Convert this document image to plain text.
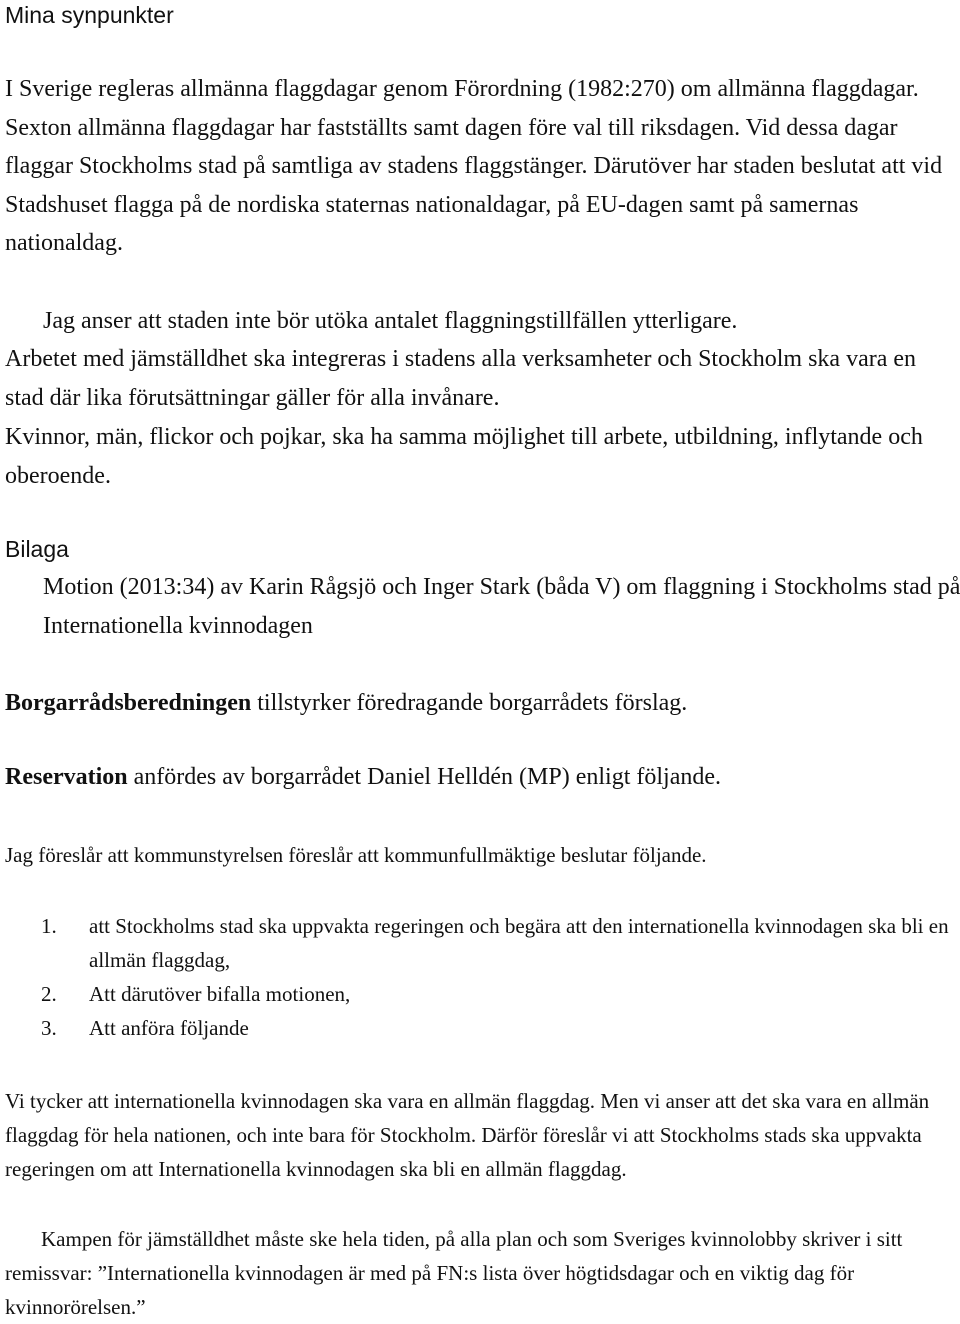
Mina synpunkter

I Sverige regleras allmänna flaggdagar genom Förordning (1982:270) om allmänna flaggdagar. Sexton allmänna flaggdagar har fastställts samt dagen före val till riksdagen. Vid dessa dagar flaggar Stockholms stad på samtliga av stadens flaggstänger. Därutöver har staden beslutat att vid Stadshuset flagga på de nordiska staternas nationaldagar, på EU-dagen samt på samernas nationaldag.

Jag anser att staden inte bör utöka antalet flaggningstillfällen ytterligare.

Arbetet med jämställdhet ska integreras i stadens alla verksamheter och Stockholm ska vara en stad där lika förutsättningar gäller för alla invånare.

Kvinnor, män, flickor och pojkar, ska ha samma möjlighet till arbete, utbildning, inflytande och oberoende.

Bilaga

Motion (2013:34) av Karin Rågsjö och Inger Stark (båda V) om flaggning i Stockholms stad på Internationella kvinnodagen

Borgarrådsberedningen tillstyrker föredragande borgarrådets förslag.

Reservation anfördes av borgarrådet Daniel Helldén (MP) enligt följande.

Jag föreslår att kommunstyrelsen föreslår att kommunfullmäktige beslutar följande.

1. att Stockholms stad ska uppvakta regeringen och begära att den internationella kvinnodagen ska bli en allmän flaggdag,
2. Att därutöver bifalla motionen,
3. Att anföra följande

Vi tycker att internationella kvinnodagen ska vara en allmän flaggdag. Men vi anser att det ska vara en allmän flaggdag för hela nationen, och inte bara för Stockholm. Därför föreslår vi att Stockholms stads ska uppvakta regeringen om att Internationella kvinnodagen ska bli en allmän flaggdag.

Kampen för jämställdhet måste ske hela tiden, på alla plan och som Sveriges kvinnolobby skriver i sitt remissvar: ”Internationella kvinnodagen är med på FN:s lista över högtidsdagar och en viktig dag för kvinnorörelsen.”
